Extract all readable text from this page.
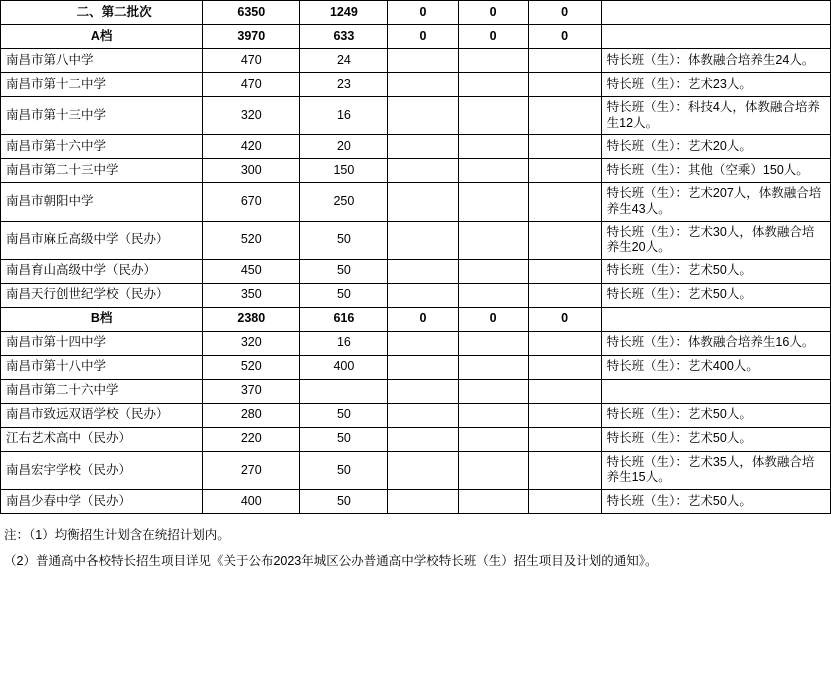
二、第二批次	6350	1249	0	0	0	
A档	3970	633	0	0	0	
南昌市第八中学	470	24				特长班（生）：体教融合培养生24人。
南昌市第十二中学	470	23				特长班（生）：艺术23人。
南昌市第十三中学	320	16				特长班（生）：科技4人，体教融合培养生12人。
南昌市第十六中学	420	20				特长班（生）：艺术20人。
南昌市第二十三中学	300	150				特长班（生）：其他（空乘）150人。
南昌市朝阳中学	670	250				特长班（生）：艺术207人，体教融合培养生43人。
南昌市麻丘高级中学（民办）	520	50				特长班（生）：艺术30人，体教融合培养生20人。
南昌育山高级中学（民办）	450	50				特长班（生）：艺术50人。
南昌天行创世纪学校（民办）	350	50				特长班（生）：艺术50人。
B档	2380	616	0	0	0	
南昌市第十四中学	320	16				特长班（生）：体教融合培养生16人。
南昌市第十八中学	520	400				特长班（生）：艺术400人。
南昌市第二十六中学	370					
南昌市致远双语学校（民办）	280	50				特长班（生）：艺术50人。
江右艺术高中（民办）	220	50				特长班（生）：艺术50人。
南昌宏宇学校（民办）	270	50				特长班（生）：艺术35人，体教融合培养生15人。
南昌少春中学（民办）	400	50				特长班（生）：艺术50人。
注：（1）均衡招生计划含在统招计划内。
（2）普通高中各校特长招生项目详见《关于公布2023年城区公办普通高中学校特长班（生）招生项目及计划的通知》。
